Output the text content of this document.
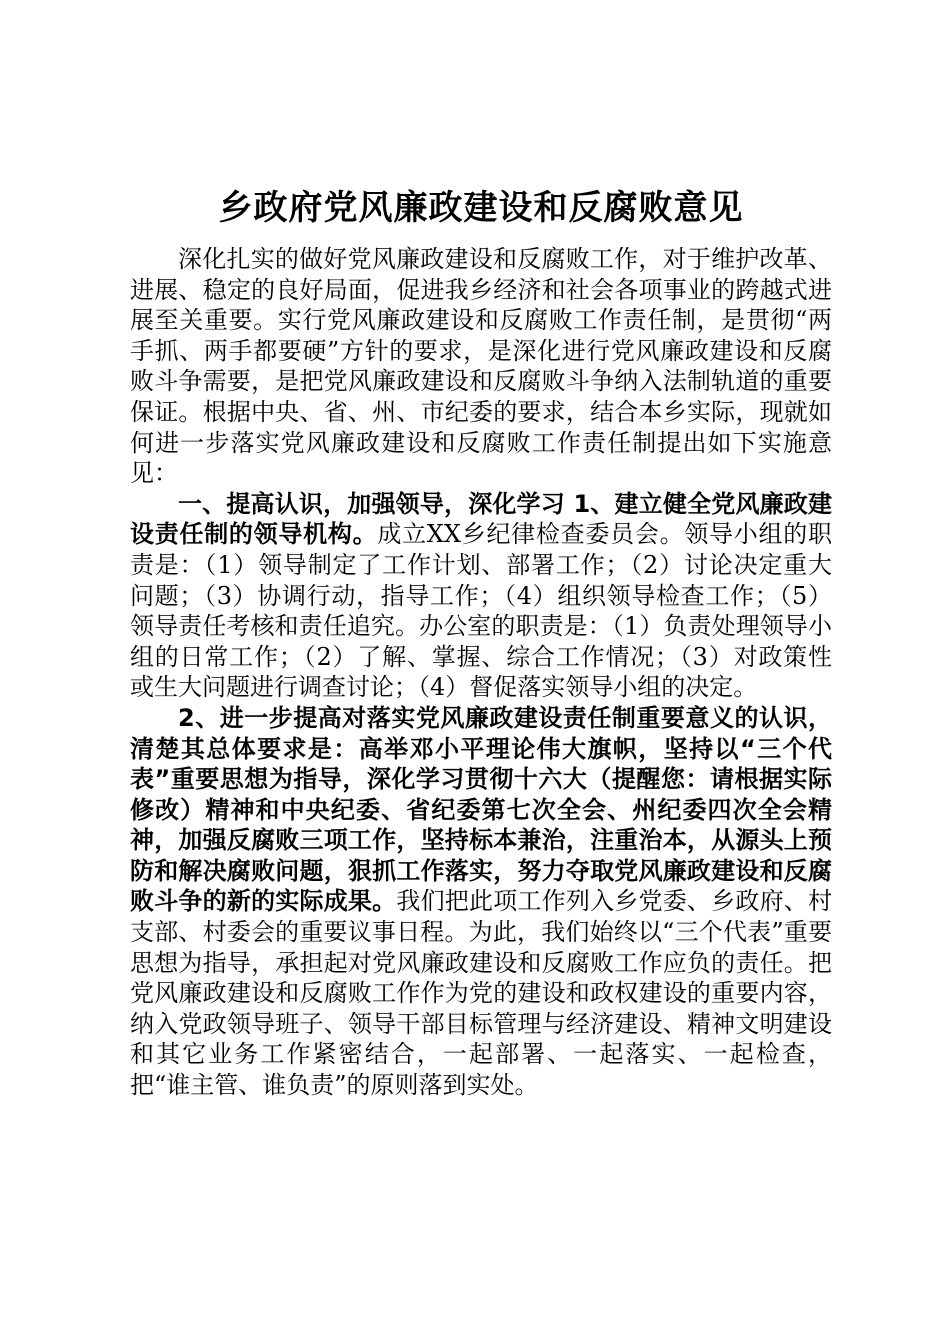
乡政府党风廉政建设和反腐败意见

深化扎实的做好党风廉政建设和反腐败工作，对于维护改革、进展、稳定的良好局面，促进我乡经济和社会各项事业的跨越式进展至关重要。实行党风廉政建设和反腐败工作责任制，是贯彻“两手抓、两手都要硬”方针的要求，是深化进行党风廉政建设和反腐败斗争需要，是把党风廉政建设和反腐败斗争纳入法制轨道的重要保证。根据中央、省、州、市纪委的要求，结合本乡实际，现就如何进一步落实党风廉政建设和反腐败工作责任制提出如下实施意见：

一、提高认识，加强领导，深化学习 1、建立健全党风廉政建设责任制的领导机构。成立XX乡纪律检查委员会。领导小组的职责是：（1）领导制定了工作计划、部署工作；（2）讨论决定重大问题；（3）协调行动，指导工作；（4）组织领导检查工作；（5）领导责任考核和责任追究。办公室的职责是：（1）负责处理领导小组的日常工作；（2）了解、掌握、综合工作情况；（3）对政策性或生大问题进行调查讨论；（4）督促落实领导小组的决定。

2、进一步提高对落实党风廉政建设责任制重要意义的认识，清楚其总体要求是：高举邓小平理论伟大旗帜，坚持以“三个代表”重要思想为指导，深化学习贯彻十六大（提醒您：请根据实际修改）精神和中央纪委、省纪委第七次全会、州纪委四次全会精神，加强反腐败三项工作，坚持标本兼治，注重治本，从源头上预防和解决腐败问题，狠抓工作落实，努力夺取党风廉政建设和反腐败斗争的新的实际成果。我们把此项工作列入乡党委、乡政府、村支部、村委会的重要议事日程。为此，我们始终以“三个代表”重要思想为指导，承担起对党风廉政建设和反腐败工作应负的责任。把党风廉政建设和反腐败工作作为党的建设和政权建设的重要内容，纳入党政领导班子、领导干部目标管理与经济建设、精神文明建设和其它业务工作紧密结合，一起部署、一起落实、一起检查，把“谁主管、谁负责”的原则落到实处。
